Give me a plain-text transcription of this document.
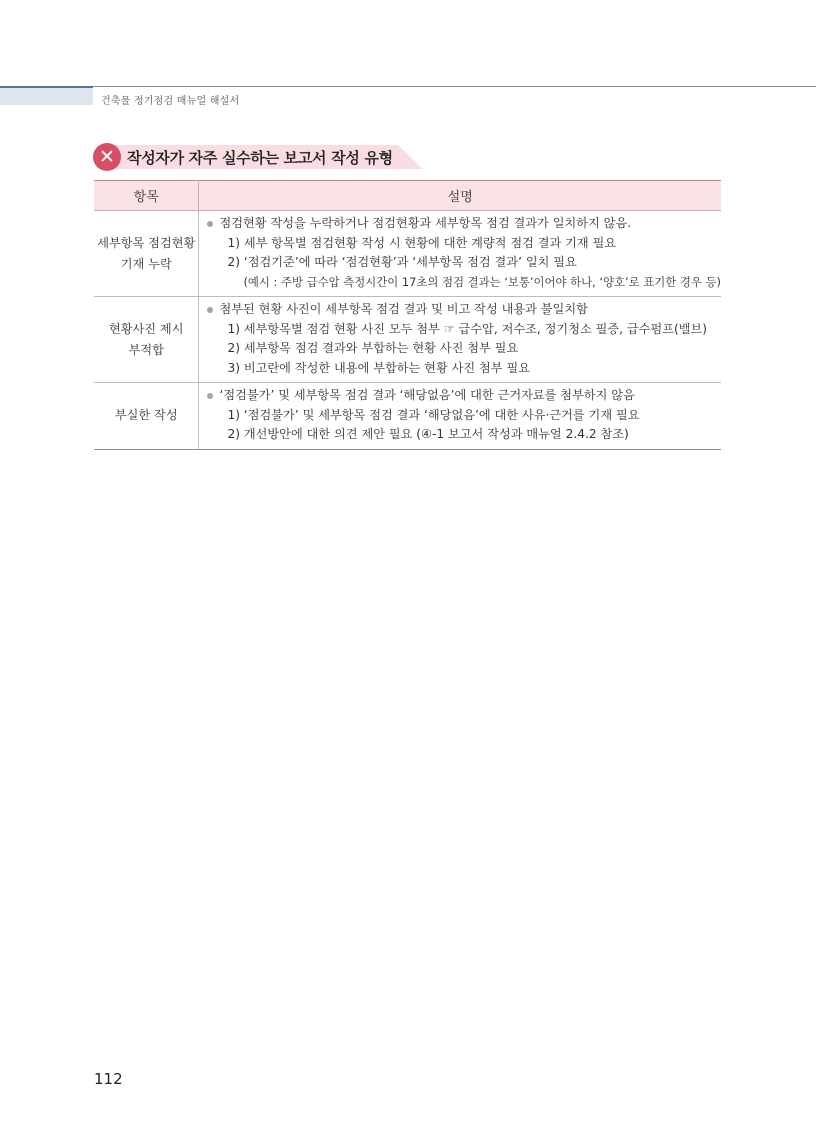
건축물 정기점검 매뉴얼 해설서
✕ 작성자가 자주 실수하는 보고서 작성 유형
항목	설명
세부항목 점검현황 기재 누락	점검현황 작성을 누락하거나 점검현황과 세부항목 점검 결과가 일치하지 않음.
1) 세부 항목별 점검현황 작성 시 현황에 대한 계량적 점검 결과 기재 필요
2) ‘점검기준’에 따라 ‘점검현황’과 ‘세부항목 점검 결과’ 일치 필요
(예시 : 주방 급수압 측정시간이 17초의 점검 결과는 ‘보통’이어야 하나, ‘양호’로 표기한 경우 등)

현황사진 제시 부적합	첨부된 현황 사진이 세부항목 점검 결과 및 비고 작성 내용과 불일치함
1) 세부항목별 점검 현황 사진 모두 첨부 ☞ 급수압, 저수조, 정기청소 필증, 급수펌프(밸브)
2) 세부항목 점검 결과와 부합하는 현황 사진 첨부 필요
3) 비고란에 작성한 내용에 부합하는 현황 사진 첨부 필요

부실한 작성	‘점검불가’ 및 세부항목 점검 결과 ‘해당없음’에 대한 근거자료를 첨부하지 않음
1) ‘점검불가’ 및 세부항목 점검 결과 ‘해당없음’에 대한 사유·근거를 기재 필요
2) 개선방안에 대한 의견 제안 필요 (④-1 보고서 작성과 매뉴얼 2.4.2 참조)
112
